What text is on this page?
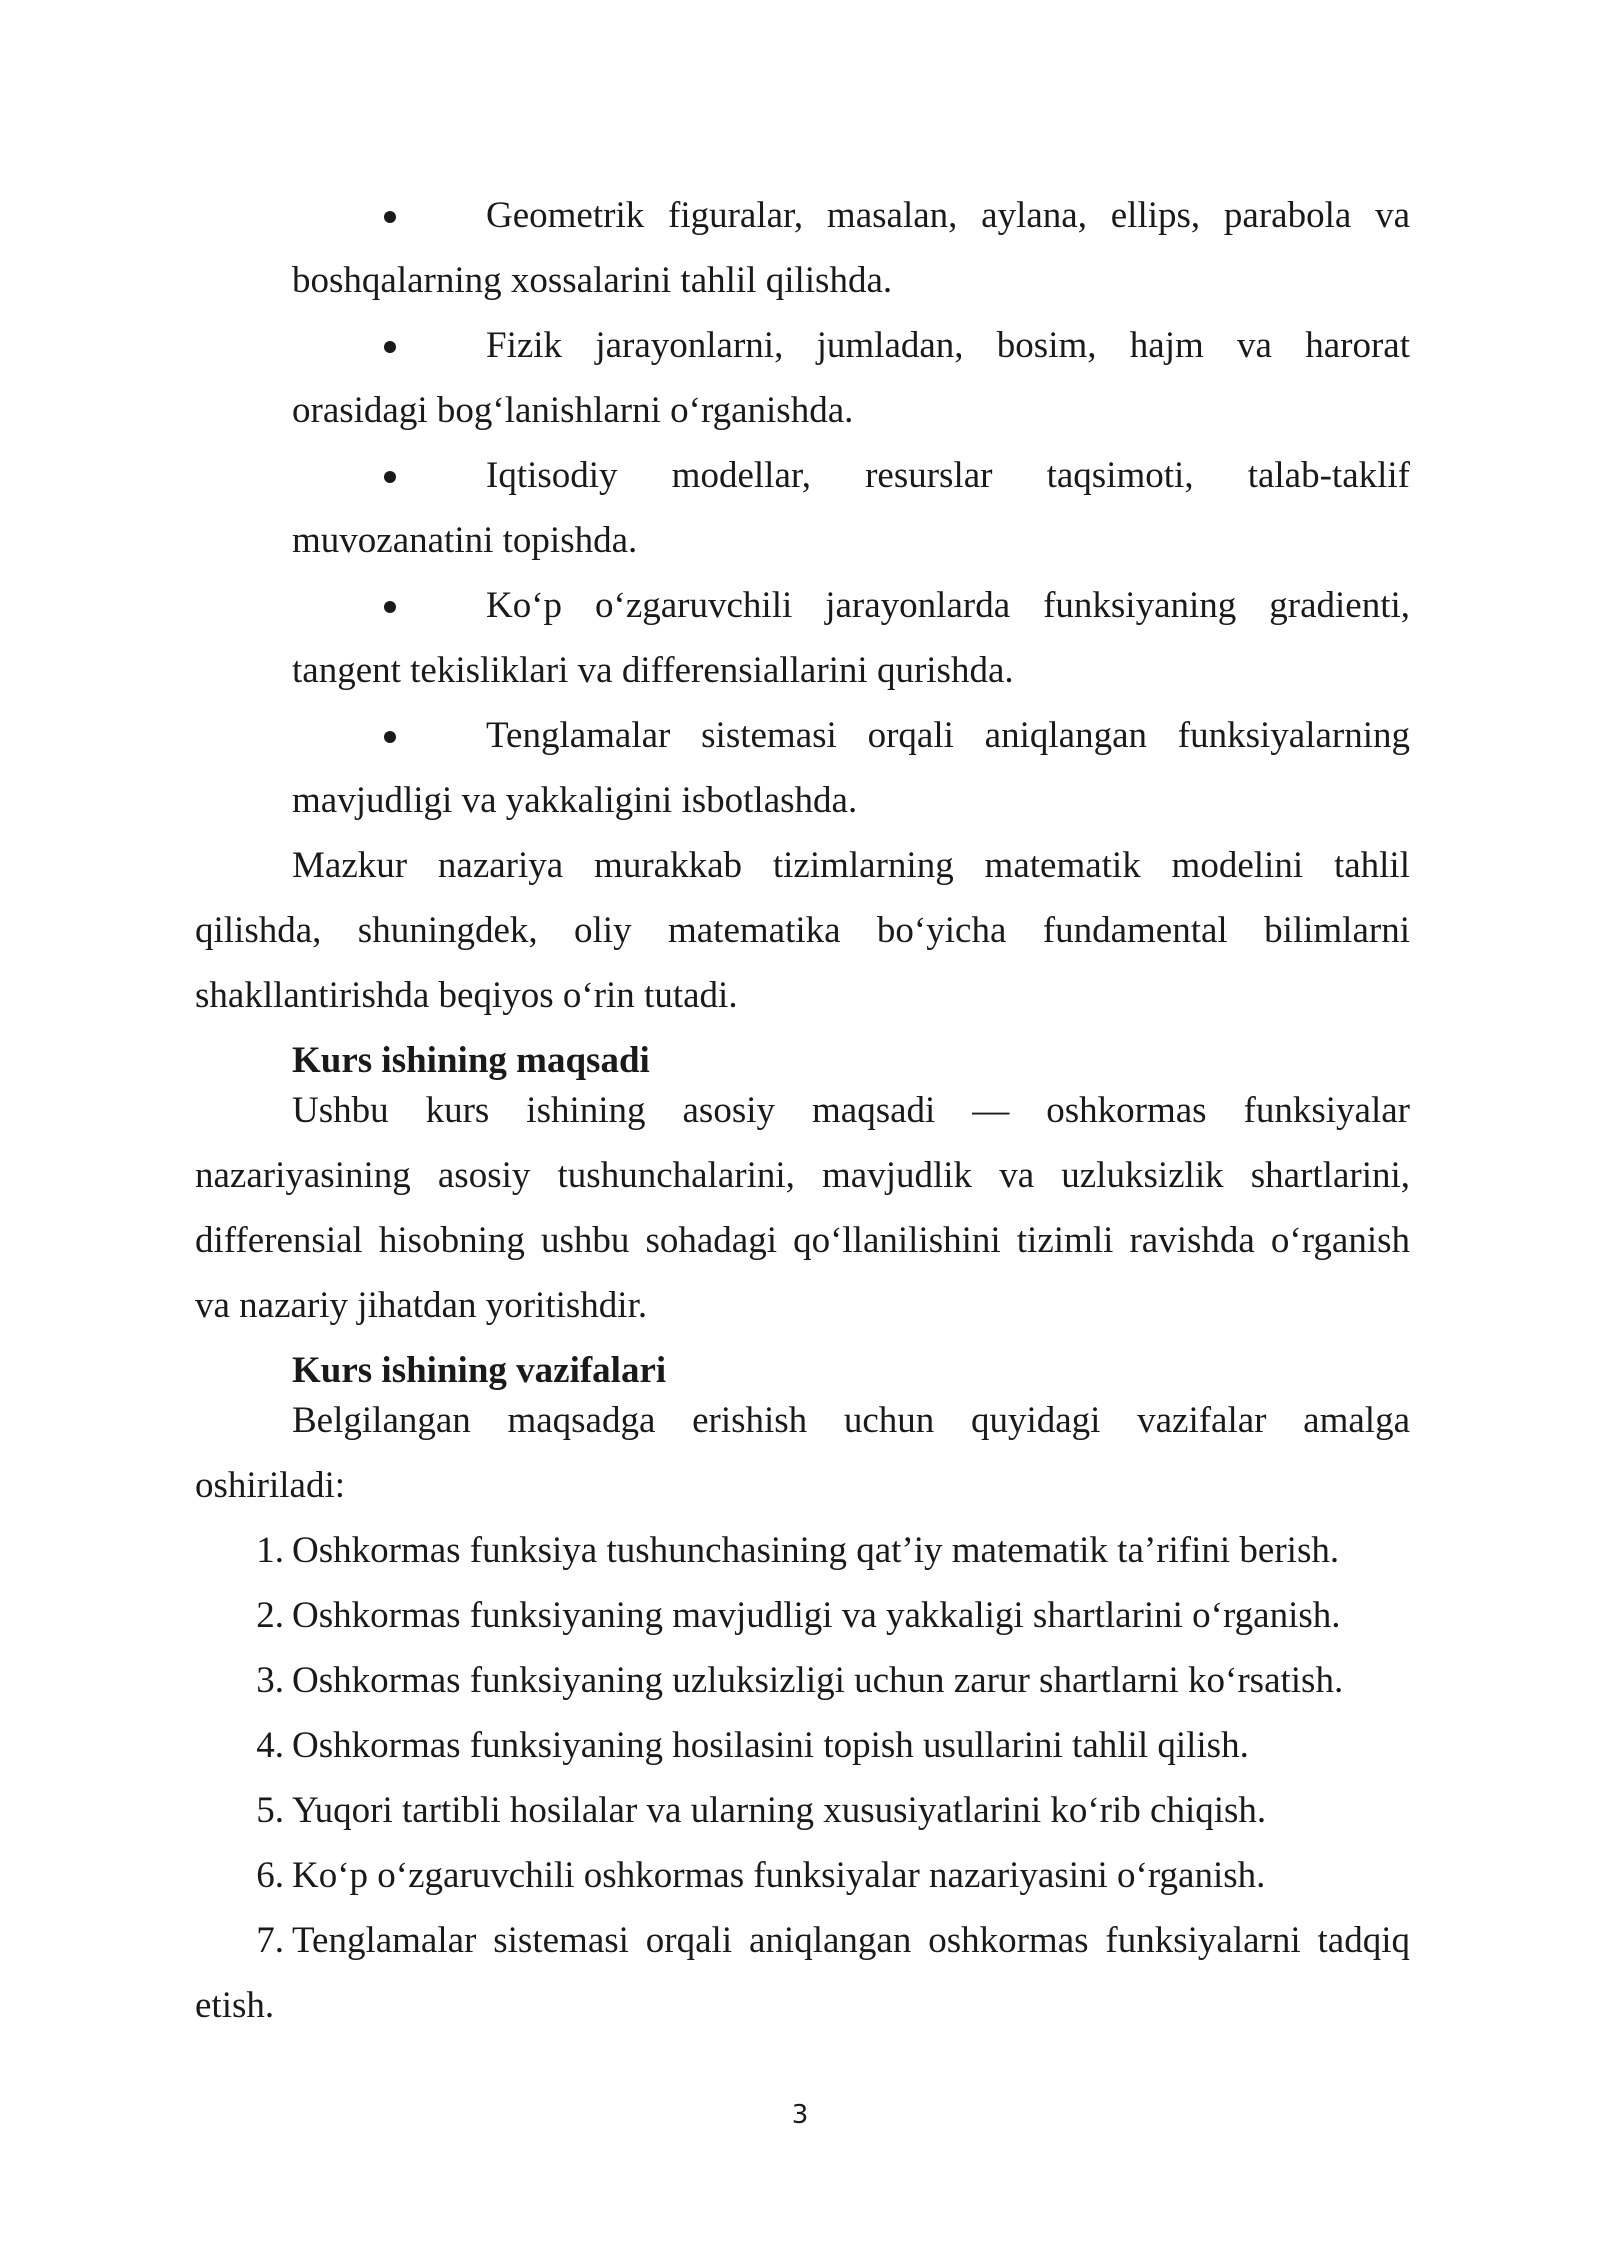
Geometrik figuralar, masalan, aylana, ellips, parabola va
boshqalarning xossalarini tahlil qilishda.
Fizik jarayonlarni, jumladan, bosim, hajm va harorat
orasidagi bog‘lanishlarni o‘rganishda.
Iqtisodiy modellar, resurslar taqsimoti, talab-taklif
muvozanatini topishda.
Ko‘p o‘zgaruvchili jarayonlarda funksiyaning gradienti,
tangent tekisliklari va differensiallarini qurishda.
Tenglamalar sistemasi orqali aniqlangan funksiyalarning
mavjudligi va yakkaligini isbotlashda.
Mazkur nazariya murakkab tizimlarning matematik modelini tahlil
qilishda, shuningdek, oliy matematika bo‘yicha fundamental bilimlarni
shakllantirishda beqiyos o‘rin tutadi.
Kurs ishining maqsadi
Ushbu kurs ishining asosiy maqsadi — oshkormas funksiyalar
nazariyasining asosiy tushunchalarini, mavjudlik va uzluksizlik shartlarini,
differensial hisobning ushbu sohadagi qo‘llanilishini tizimli ravishda o‘rganish
va nazariy jihatdan yoritishdir.
Kurs ishining vazifalari
Belgilangan maqsadga erishish uchun quyidagi vazifalar amalga
oshiriladi:
1. Oshkormas funksiya tushunchasining qat’iy matematik ta’rifini berish.
2. Oshkormas funksiyaning mavjudligi va yakkaligi shartlarini o‘rganish.
3. Oshkormas funksiyaning uzluksizligi uchun zarur shartlarni ko‘rsatish.
4. Oshkormas funksiyaning hosilasini topish usullarini tahlil qilish.
5. Yuqori tartibli hosilalar va ularning xususiyatlarini ko‘rib chiqish.
6. Ko‘p o‘zgaruvchili oshkormas funksiyalar nazariyasini o‘rganish.
7. Tenglamalar sistemasi orqali aniqlangan oshkormas funksiyalarni tadqiq
etish.
3
